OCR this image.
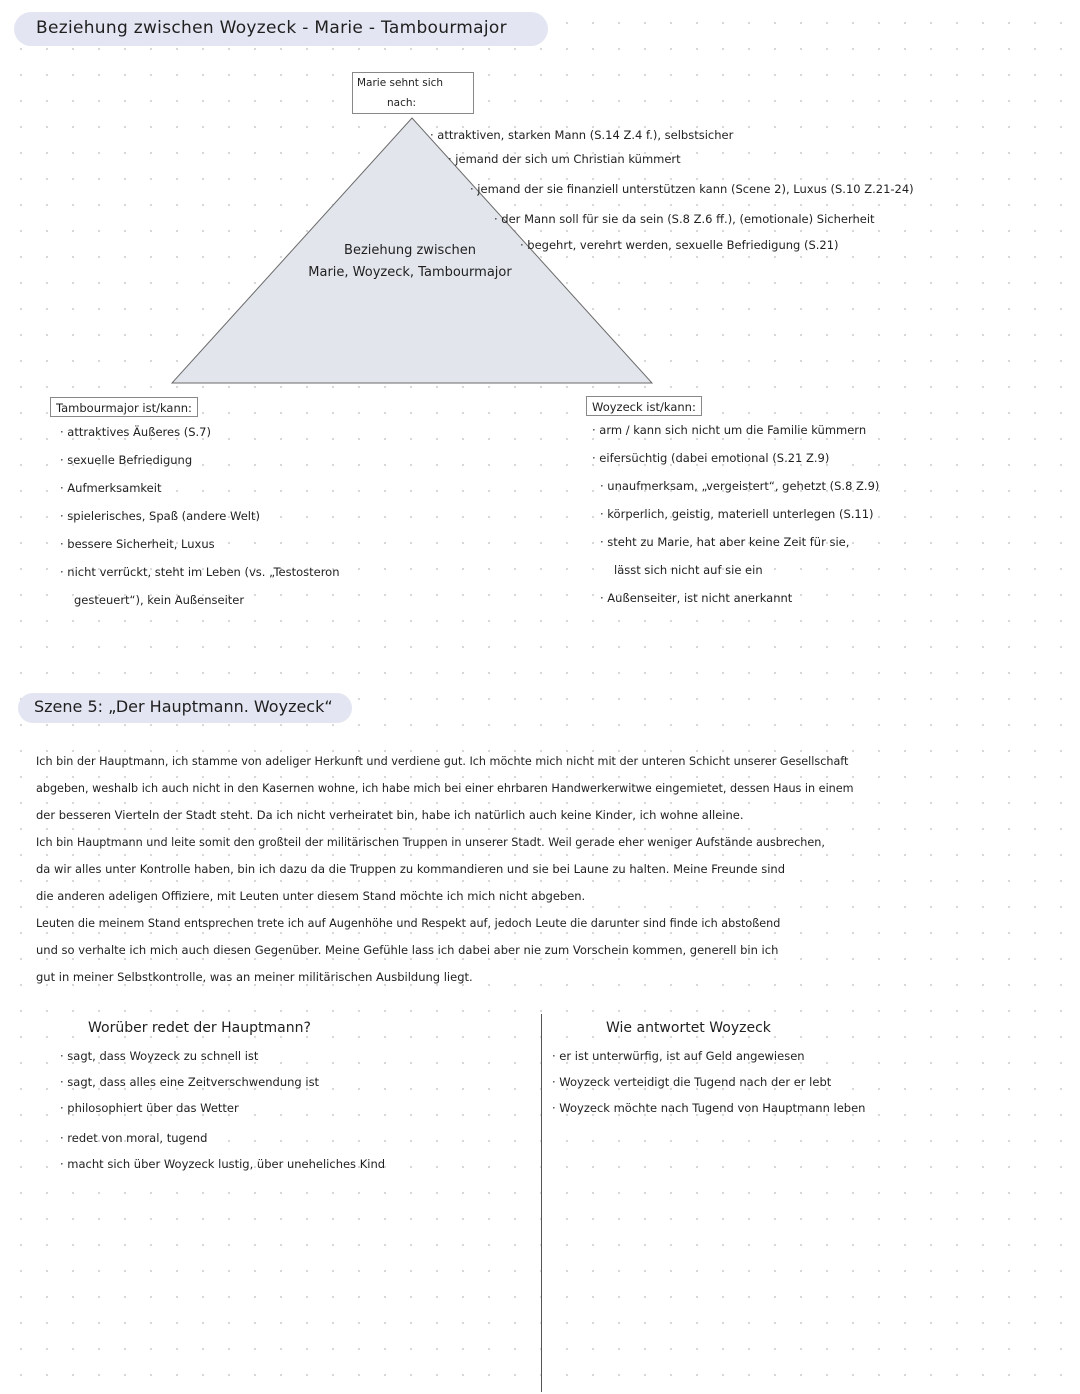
Beziehung zwischen Woyzeck - Marie - Tambourmajor
Marie sehnt sich
nach:
Beziehung zwischen
Marie, Woyzeck, Tambourmajor
· attraktiven, starken Mann (S.14 Z.4 f.), selbstsicher
· jemand der sich um Christian kümmert
· jemand der sie finanziell unterstützen kann (Scene 2), Luxus (S.10 Z.21-24)
· der Mann soll für sie da sein (S.8 Z.6 ff.), (emotionale) Sicherheit
· begehrt, verehrt werden, sexuelle Befriedigung (S.21)
Tambourmajor ist/kann:
· attraktives Äußeres (S.7)
· sexuelle Befriedigung
· Aufmerksamkeit
· spielerisches, Spaß (andere Welt)
· bessere Sicherheit, Luxus
· nicht verrückt, steht im Leben (vs. „Testosteron
gesteuert“), kein Außenseiter
Woyzeck ist/kann:
· arm / kann sich nicht um die Familie kümmern
· eifersüchtig (dabei emotional (S.21 Z.9)
· unaufmerksam, „vergeistert“, gehetzt (S.8 Z.9)
· körperlich, geistig, materiell unterlegen (S.11)
· steht zu Marie, hat aber keine Zeit für sie,
lässt sich nicht auf sie ein
· Außenseiter, ist nicht anerkannt
Szene 5: „Der Hauptmann. Woyzeck“
Ich bin der Hauptmann, ich stamme von adeliger Herkunft und verdiene gut. Ich möchte mich nicht mit der unteren Schicht unserer Gesellschaft
abgeben, weshalb ich auch nicht in den Kasernen wohne, ich habe mich bei einer ehrbaren Handwerkerwitwe eingemietet, dessen Haus in einem
der besseren Vierteln der Stadt steht. Da ich nicht verheiratet bin, habe ich natürlich auch keine Kinder, ich wohne alleine.
Ich bin Hauptmann und leite somit den großteil der militärischen Truppen in unserer Stadt. Weil gerade eher weniger Aufstände ausbrechen,
da wir alles unter Kontrolle haben, bin ich dazu da die Truppen zu kommandieren und sie bei Laune zu halten. Meine Freunde sind
die anderen adeligen Offiziere, mit Leuten unter diesem Stand möchte ich mich nicht abgeben.
Leuten die meinem Stand entsprechen trete ich auf Augenhöhe und Respekt auf, jedoch Leute die darunter sind finde ich abstoßend
und so verhalte ich mich auch diesen Gegenüber. Meine Gefühle lass ich dabei aber nie zum Vorschein kommen, generell bin ich
gut in meiner Selbstkontrolle, was an meiner militärischen Ausbildung liegt.
Worüber redet der Hauptmann?
· sagt, dass Woyzeck zu schnell ist
· sagt, dass alles eine Zeitverschwendung ist
· philosophiert über das Wetter
· redet von moral, tugend
· macht sich über Woyzeck lustig, über uneheliches Kind
Wie antwortet Woyzeck
· er ist unterwürfig, ist auf Geld angewiesen
· Woyzeck verteidigt die Tugend nach der er lebt
· Woyzeck möchte nach Tugend von Hauptmann leben
